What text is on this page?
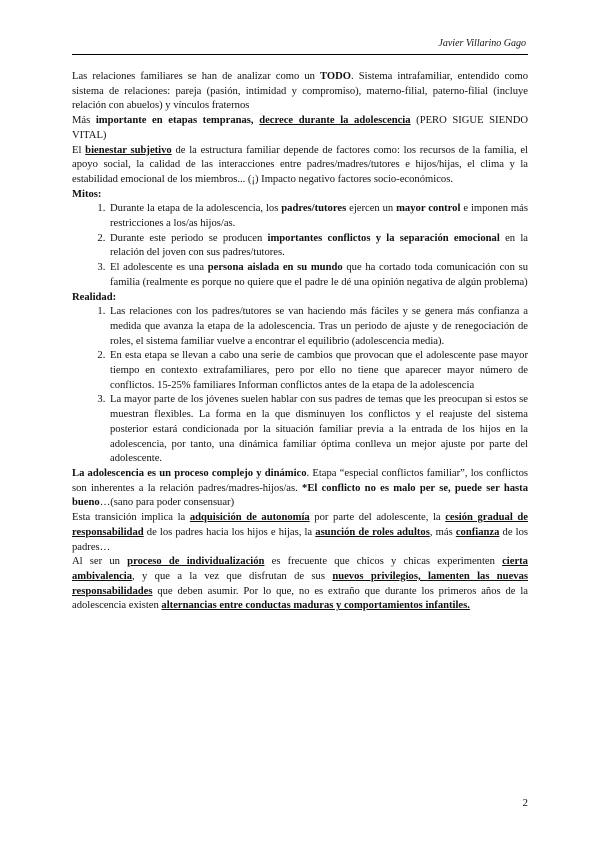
Javier Villarino Gago

Las relaciones familiares se han de analizar como un TODO. Sistema intrafamiliar, entendido como sistema de relaciones: pareja (pasión, intimidad y compromiso), materno-filial, paterno-filial (incluye relación con abuelos) y vínculos fraternos

Más importante en etapas tempranas, decrece durante la adolescencia (PERO SIGUE SIENDO VITAL)

El bienestar subjetivo de la estructura familiar depende de factores como: los recursos de la familia, el apoyo social, la calidad de las interacciones entre padres/madres/tutores e hijos/hijas, el clima y la estabilidad emocional de los miembros... (¡) Impacto negativo factores socio-económicos.

Mitos:

1. Durante la etapa de la adolescencia, los padres/tutores ejercen un mayor control e imponen más restricciones a los/as hijos/as.
2. Durante este periodo se producen importantes conflictos y la separación emocional en la relación del joven con sus padres/tutores.
3. El adolescente es una persona aislada en su mundo que ha cortado toda comunicación con su familia (realmente es porque no quiere que el padre le dé una opinión negativa de algún problema)

Realidad:

1. Las relaciones con los padres/tutores se van haciendo más fáciles y se genera más confianza a medida que avanza la etapa de la adolescencia. Tras un periodo de ajuste y de renegociación de roles, el sistema familiar vuelve a encontrar el equilibrio (adolescencia media).
2. En esta etapa se llevan a cabo una serie de cambios que provocan que el adolescente pase mayor tiempo en contexto extrafamiliares, pero por ello no tiene que aparecer mayor número de conflictos. 15-25% familiares Informan conflictos antes de la etapa de la adolescencia
3. La mayor parte de los jóvenes suelen hablar con sus padres de temas que les preocupan si estos se muestran flexibles. La forma en la que disminuyen los conflictos y el reajuste del sistema posterior estará condicionada por la situación familiar previa a la entrada de los hijos en la adolescencia, por tanto, una dinámica familiar óptima conlleva un mejor ajuste por parte del adolescente.

La adolescencia es un proceso complejo y dinámico. Etapa “especial conflictos familiar”, los conflictos son inherentes a la relación padres/madres-hijos/as. *El conflicto no es malo per se, puede ser hasta bueno…(sano para poder consensuar)

Esta transición implica la adquisición de autonomía por parte del adolescente, la cesión gradual de responsabilidad de los padres hacia los hijos e hijas, la asunción de roles adultos, más confianza de los padres…

Al ser un proceso de individualización es frecuente que chicos y chicas experimenten cierta ambivalencia, y que a la vez que disfrutan de sus nuevos privilegios, lamenten las nuevas responsabilidades que deben asumir. Por lo que, no es extraño que durante los primeros años de la adolescencia existen alternancias entre conductas maduras y comportamientos infantiles.

2
